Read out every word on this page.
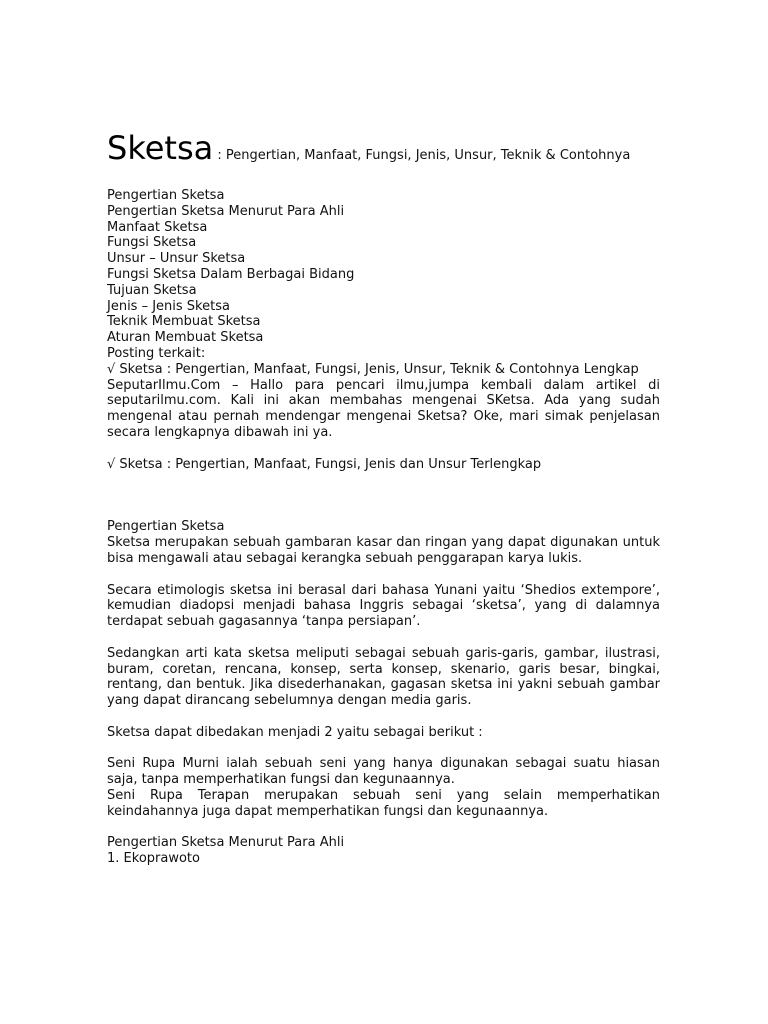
Sketsa : Pengertian, Manfaat, Fungsi, Jenis, Unsur, Teknik & Contohnya
Pengertian Sketsa
Pengertian Sketsa Menurut Para Ahli
Manfaat Sketsa
Fungsi Sketsa
Unsur – Unsur Sketsa
Fungsi Sketsa Dalam Berbagai Bidang
Tujuan Sketsa
Jenis – Jenis Sketsa
Teknik Membuat Sketsa
Aturan Membuat Sketsa
Posting terkait:
√ Sketsa : Pengertian, Manfaat, Fungsi, Jenis, Unsur, Teknik & Contohnya Lengkap

SeputarIlmu.Com – Hallo para pencari ilmu,jumpa kembali dalam artikel di seputarilmu.com. Kali ini akan membahas mengenai SKetsa. Ada yang sudah mengenal atau pernah mendengar mengenai Sketsa? Oke, mari simak penjelasan secara lengkapnya dibawah ini ya.

√ Sketsa : Pengertian, Manfaat, Fungsi, Jenis dan Unsur Terlengkap
Pengertian Sketsa

Sketsa merupakan sebuah gambaran kasar dan ringan yang dapat digunakan untuk bisa mengawali atau sebagai kerangka sebuah penggarapan karya lukis.

Secara etimologis sketsa ini berasal dari bahasa Yunani yaitu ‘Shedios extempore’, kemudian diadopsi menjadi bahasa Inggris sebagai ‘sketsa’, yang di dalamnya terdapat sebuah gagasannya ‘tanpa persiapan’.

Sedangkan arti kata sketsa meliputi sebagai sebuah garis-garis, gambar, ilustrasi, buram, coretan, rencana, konsep, serta konsep, skenario, garis besar, bingkai, rentang, dan bentuk. Jika disederhanakan, gagasan sketsa ini yakni sebuah gambar yang dapat dirancang sebelumnya dengan media garis.

Sketsa dapat dibedakan menjadi 2 yaitu sebagai berikut :

Seni Rupa Murni ialah sebuah seni yang hanya digunakan sebagai suatu hiasan saja, tanpa memperhatikan fungsi dan kegunaannya.

Seni Rupa Terapan merupakan sebuah seni yang selain memperhatikan keindahannya juga dapat memperhatikan fungsi dan kegunaannya.

Pengertian Sketsa Menurut Para Ahli
1. Ekoprawoto
